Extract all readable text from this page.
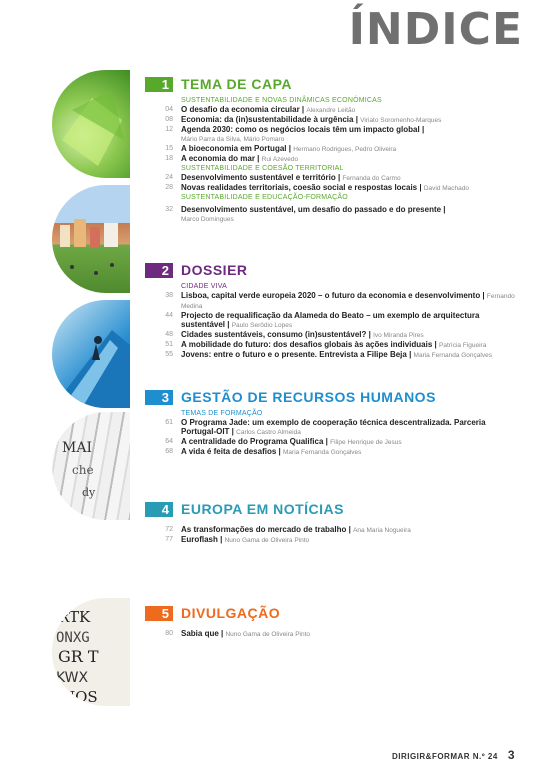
ÍNDICE
MAI
che
dy
RTK
ONXG
GR T
KWX
NQS
1 TEMA DE CAPA
SUSTENTABILIDADE E NOVAS DINÂMICAS ECONÓMICAS
04 O desafio da economia circular | Alexandre Leitão
08 Economia: da (in)sustentabilidade à urgência | Viriato Soromenho-Marques
12 Agenda 2030: como os negócios locais têm um impacto global |
Mário Parra da Silva, Mário Pomaro
15 A bioeconomia em Portugal | Hermano Rodrigues, Pedro Oliveira
18 A economia do mar | Rui Azevedo
SUSTENTABILIDADE E COESÃO TERRITORIAL
24 Desenvolvimento sustentável e território | Fernanda do Carmo
28 Novas realidades territoriais, coesão social e respostas locais | David Machado
SUSTENTABILIDADE E EDUCAÇÃO-FORMAÇÃO
32 Desenvolvimento sustentável, um desafio do passado e do presente |
Marco Domingues
2 DOSSIER
CIDADE VIVA
38 Lisboa, capital verde europeia 2020 – o futuro da economia e desenvolvimento | Fernando Medina
44 Projecto de requalificação da Alameda do Beato – um exemplo de arquitectura sustentável | Paulo Serôdio Lopes
48 Cidades sustentáveis, consumo (in)sustentável? | Ivo Miranda Pires
51 A mobilidade do futuro: dos desafios globais às ações individuais | Patrícia Figueira
55 Jovens: entre o futuro e o presente. Entrevista a Filipe Beja | Maria Fernanda Gonçalves
3 GESTÃO DE RECURSOS HUMANOS
TEMAS DE FORMAÇÃO
61 O Programa Jade: um exemplo de cooperação técnica descentralizada. Parceria Portugal-OIT | Carlos Castro Almeida
64 A centralidade do Programa Qualifica | Filipe Henrique de Jesus
68 A vida é feita de desafios | Maria Fernanda Gonçalves
4 EUROPA EM NOTÍCIAS
72 As transformações do mercado de trabalho | Ana Maria Nogueira
77 Euroflash | Nuno Gama de Oliveira Pinto
5 DIVULGAÇÃO
80 Sabia que | Nuno Gama de Oliveira Pinto
DIRIGIR&FORMAR N.º 24 3
